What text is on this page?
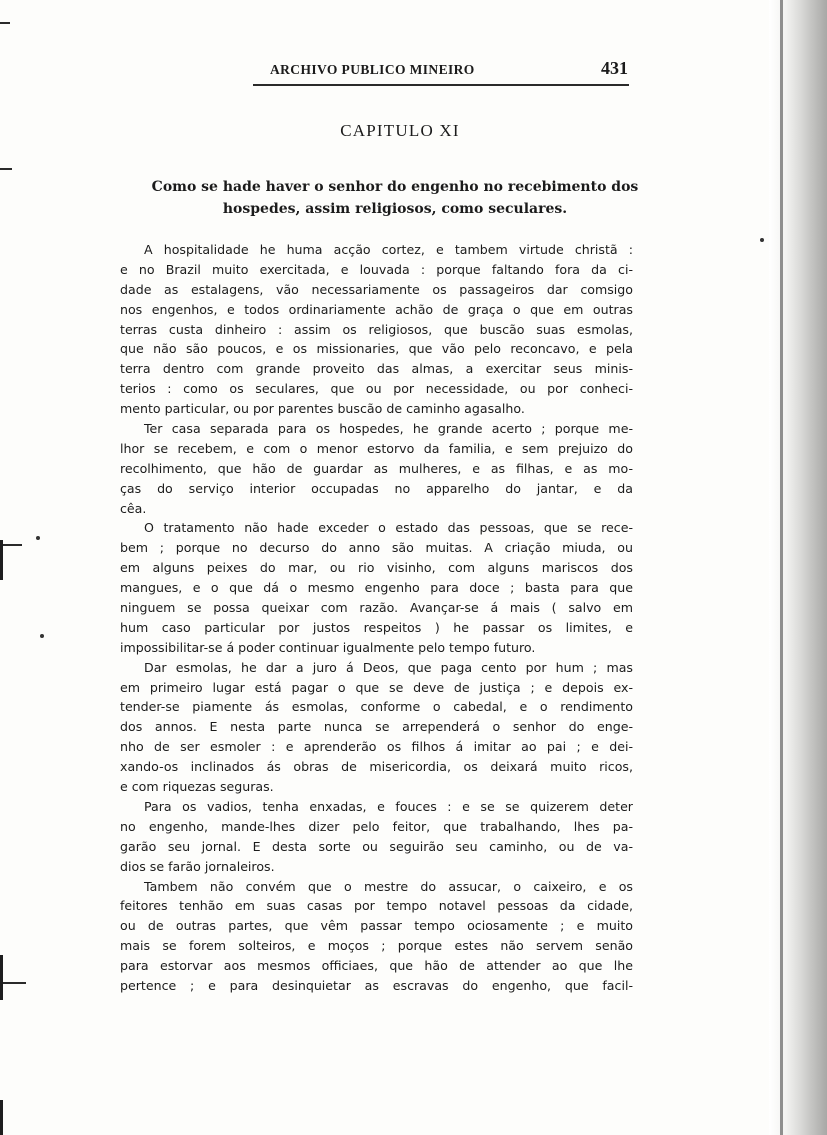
ARCHIVO PUBLICO MINEIRO	431
CAPITULO XI
Como se hade haver o senhor do engenho no recebimento dos
hospedes, assim religiosos, como seculares.
A hospitalidade he huma acção cortez, e tambem virtude christã :
e no Brazil muito exercitada, e louvada : porque faltando fora da ci-
dade as estalagens, vão necessariamente os passageiros dar comsigo
nos engenhos, e todos ordinariamente achão de graça o que em outras
terras custa dinheiro : assim os religiosos, que buscão suas esmolas,
que não são poucos, e os missionaries, que vão pelo reconcavo, e pela
terra dentro com grande proveito das almas, a exercitar seus minis-
terios : como os seculares, que ou por necessidade, ou por conheci-
mento particular, ou por parentes buscão de caminho agasalho.
Ter casa separada para os hospedes, he grande acerto ; porque me-
lhor se recebem, e com o menor estorvo da familia, e sem prejuizo do
recolhimento, que hão de guardar as mulheres, e as filhas, e as mo-
ças do serviço interior occupadas no apparelho do jantar, e da
cêa.
O tratamento não hade exceder o estado das pessoas, que se rece-
bem ; porque no decurso do anno são muitas. A criação miuda, ou
em alguns peixes do mar, ou rio visinho, com alguns mariscos dos
mangues, e o que dá o mesmo engenho para doce ; basta para que
ninguem se possa queixar com razão. Avançar-se á mais ( salvo em
hum caso particular por justos respeitos ) he passar os limites, e
impossibilitar-se á poder continuar igualmente pelo tempo futuro.
Dar esmolas, he dar a juro á Deos, que paga cento por hum ; mas
em primeiro lugar está pagar o que se deve de justiça ; e depois ex-
tender-se piamente ás esmolas, conforme o cabedal, e o rendimento
dos annos. E nesta parte nunca se arrependerá o senhor do enge-
nho de ser esmoler : e aprenderão os filhos á imitar ao pai ; e dei-
xando-os inclinados ás obras de misericordia, os deixará muito ricos,
e com riquezas seguras.
Para os vadios, tenha enxadas, e fouces : e se se quizerem deter
no engenho, mande-lhes dizer pelo feitor, que trabalhando, lhes pa-
garão seu jornal. E desta sorte ou seguirão seu caminho, ou de va-
dios se farão jornaleiros.
Tambem não convém que o mestre do assucar, o caixeiro, e os
feitores tenhão em suas casas por tempo notavel pessoas da cidade,
ou de outras partes, que vêm passar tempo ociosamente ; e muito
mais se forem solteiros, e moços ; porque estes não servem senão
para estorvar aos mesmos officiaes, que hão de attender ao que lhe
pertence ; e para desinquietar as escravas do engenho, que facil-
